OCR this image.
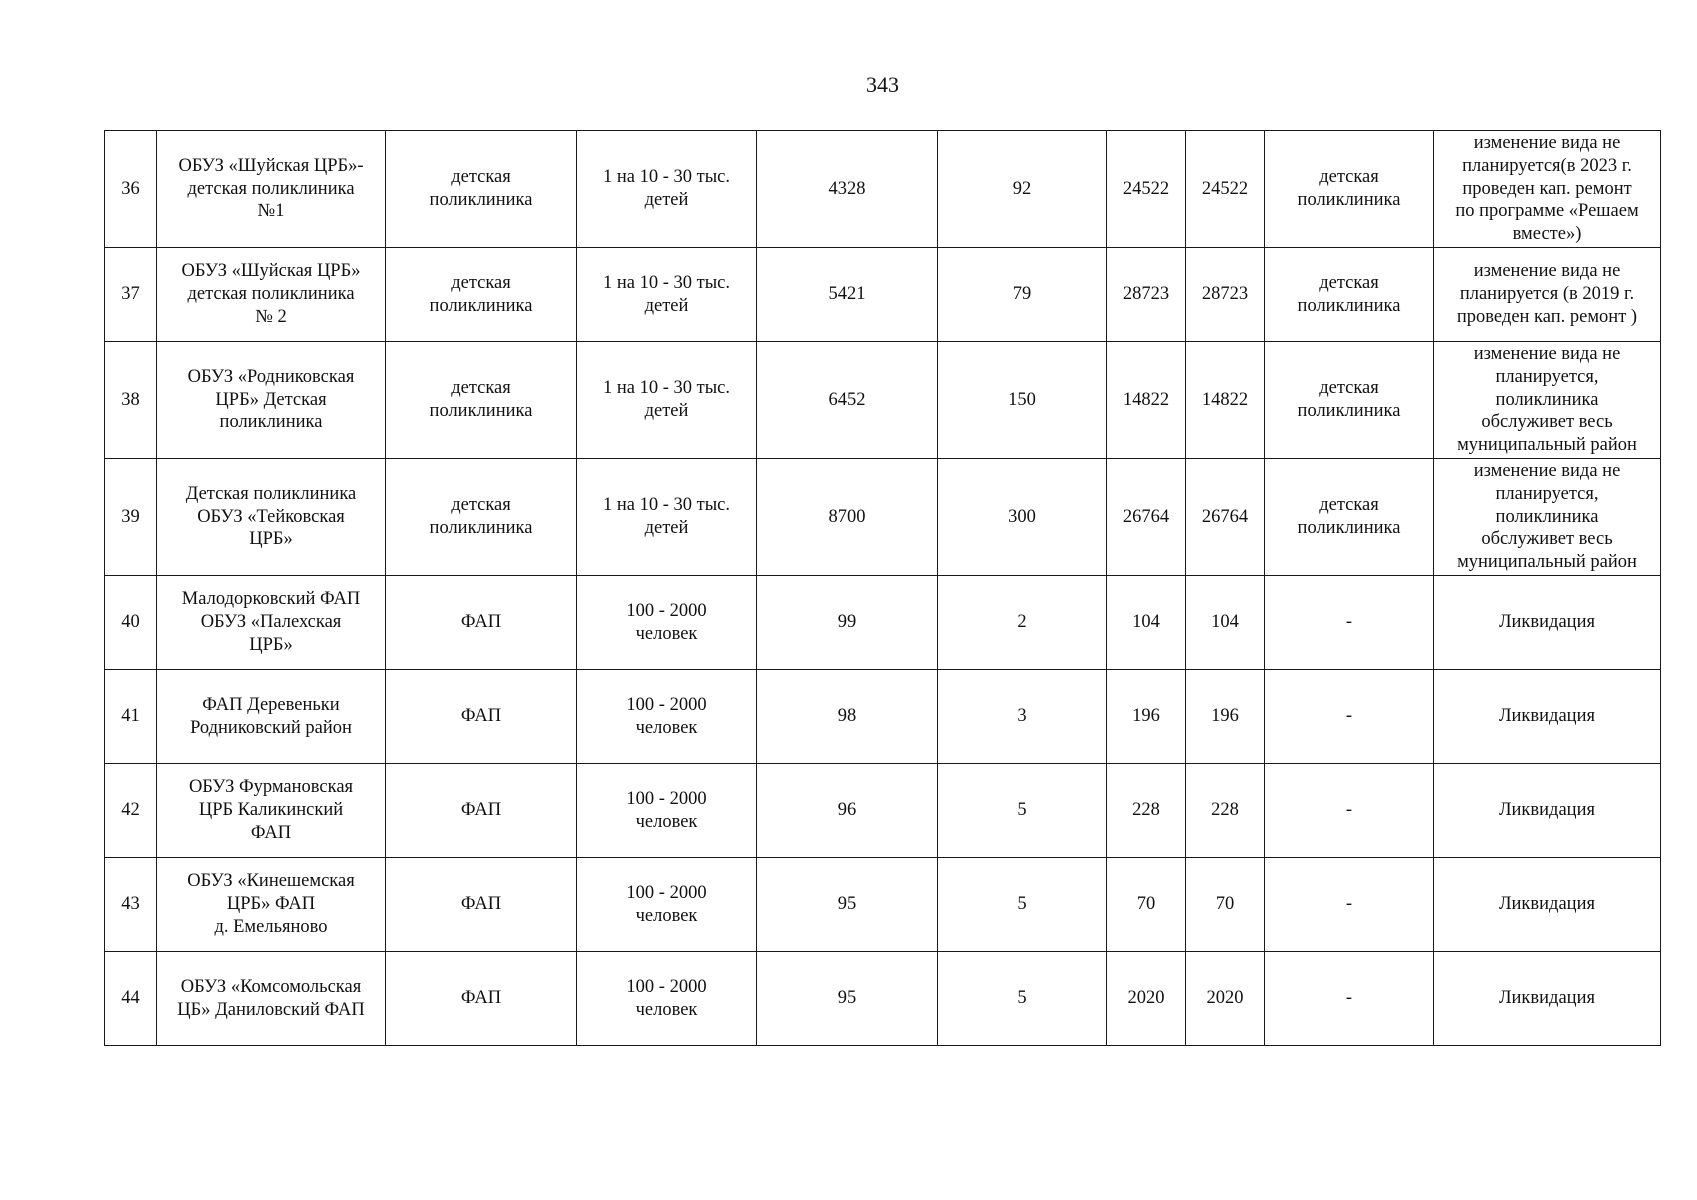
343
36	ОБУЗ «Шуйская ЦРБ»-
детская поликлиника
№1	детская
поликлиника	1 на 10 - 30 тыс.
детей	4328	92	24522	24522	детская
поликлиника	изменение вида не
планируется(в 2023 г.
проведен кап. ремонт
по программе «Решаем
вместе»)
37	ОБУЗ «Шуйская ЦРБ»
детская поликлиника
№ 2	детская
поликлиника	1 на 10 - 30 тыс.
детей	5421	79	28723	28723	детская
поликлиника	изменение вида не
планируется (в 2019 г.
проведен кап. ремонт )
38	ОБУЗ «Родниковская
ЦРБ» Детская
поликлиника	детская
поликлиника	1 на 10 - 30 тыс.
детей	6452	150	14822	14822	детская
поликлиника	изменение вида не
планируется,
поликлиника
обслуживет весь
муниципальный район
39	Детская поликлиника
ОБУЗ «Тейковская
ЦРБ»	детская
поликлиника	1 на 10 - 30 тыс.
детей	8700	300	26764	26764	детская
поликлиника	изменение вида не
планируется,
поликлиника
обслуживет весь
муниципальный район
40	Малодорковский ФАП
ОБУЗ «Палехская
ЦРБ»	ФАП	100 - 2000
человек	99	2	104	104	-	Ликвидация
41	ФАП Деревеньки
Родниковский район	ФАП	100 - 2000
человек	98	3	196	196	-	Ликвидация
42	ОБУЗ Фурмановская
ЦРБ Каликинский
ФАП	ФАП	100 - 2000
человек	96	5	228	228	-	Ликвидация
43	ОБУЗ «Кинешемская
ЦРБ» ФАП
д. Емельяново	ФАП	100 - 2000
человек	95	5	70	70	-	Ликвидация
44	ОБУЗ «Комсомольская
ЦБ» Даниловский ФАП	ФАП	100 - 2000
человек	95	5	2020	2020	-	Ликвидация
